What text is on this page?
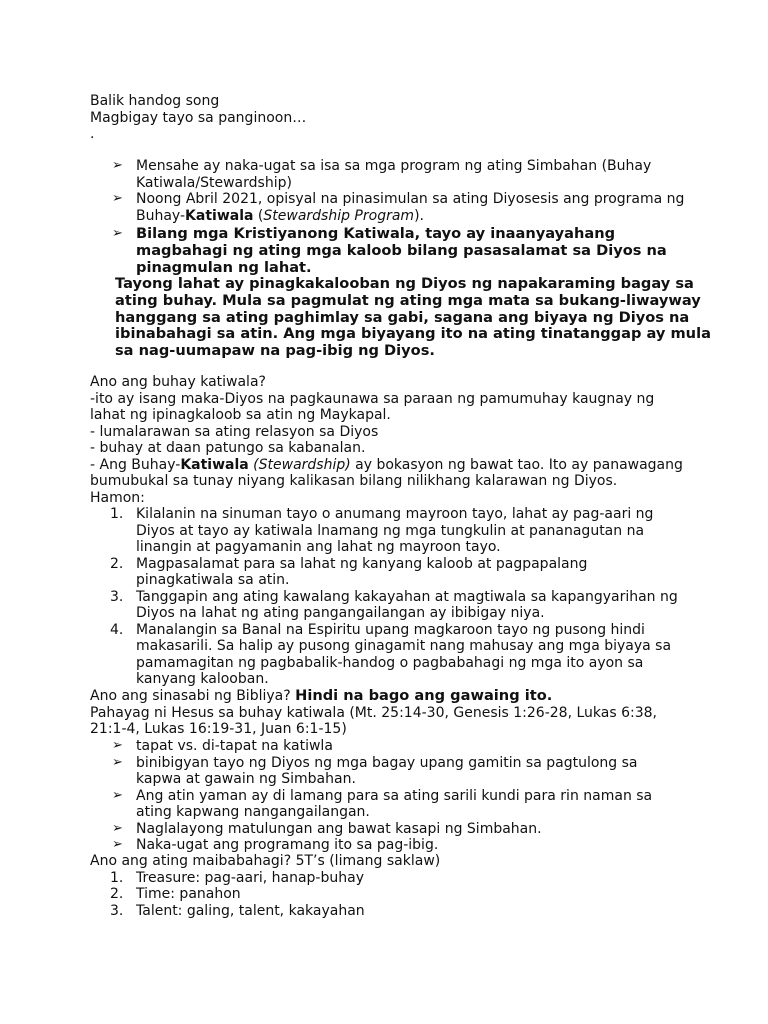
Balik handog song
Magbigay tayo sa panginoon…
.
➢ Mensahe ay naka-ugat sa isa sa mga program ng ating Simbahan (Buhay
Katiwala/Stewardship)
➢ Noong Abril 2021, opisyal na pinasimulan sa ating Diyosesis ang programa ng
Buhay-Katiwala (Stewardship Program).
➢ Bilang mga Kristiyanong Katiwala, tayo ay inaanyayahang
magbahagi ng ating mga kaloob bilang pasasalamat sa Diyos na
pinagmulan ng lahat.
Tayong lahat ay pinagkakalooban ng Diyos ng napakaraming bagay sa
ating buhay. Mula sa pagmulat ng ating mga mata sa bukang-liwayway
hanggang sa ating paghimlay sa gabi, sagana ang biyaya ng Diyos na
ibinabahagi sa atin. Ang mga biyayang ito na ating tinatanggap ay mula
sa nag-uumapaw na pag-ibig ng Diyos.
Ano ang buhay katiwala?
-ito ay isang maka-Diyos na pagkaunawa sa paraan ng pamumuhay kaugnay ng
lahat ng ipinagkaloob sa atin ng Maykapal.
- lumalarawan sa ating relasyon sa Diyos
- buhay at daan patungo sa kabanalan.
- Ang Buhay-Katiwala (Stewardship) ay bokasyon ng bawat tao. Ito ay panawagang
bumubukal sa tunay niyang kalikasan bilang nilikhang kalarawan ng Diyos.
Hamon:
1. Kilalanin na sinuman tayo o anumang mayroon tayo, lahat ay pag-aari ng
Diyos at tayo ay katiwala lnamang ng mga tungkulin at pananagutan na
linangin at pagyamanin ang lahat ng mayroon tayo.
2. Magpasalamat para sa lahat ng kanyang kaloob at pagpapalang
pinagkatiwala sa atin.
3. Tanggapin ang ating kawalang kakayahan at magtiwala sa kapangyarihan ng
Diyos na lahat ng ating pangangailangan ay ibibigay niya.
4. Manalangin sa Banal na Espiritu upang magkaroon tayo ng pusong hindi
makasarili. Sa halip ay pusong ginagamit nang mahusay ang mga biyaya sa
pamamagitan ng pagbabalik-handog o pagbabahagi ng mga ito ayon sa
kanyang kalooban.
Ano ang sinasabi ng Bibliya? Hindi na bago ang gawaing ito.
Pahayag ni Hesus sa buhay katiwala (Mt. 25:14-30, Genesis 1:26-28, Lukas 6:38,
21:1-4, Lukas 16:19-31, Juan 6:1-15)
➢ tapat vs. di-tapat na katiwla
➢ binibigyan tayo ng Diyos ng mga bagay upang gamitin sa pagtulong sa
kapwa at gawain ng Simbahan.
➢ Ang atin yaman ay di lamang para sa ating sarili kundi para rin naman sa
ating kapwang nangangailangan.
➢ Naglalayong matulungan ang bawat kasapi ng Simbahan.
➢ Naka-ugat ang programang ito sa pag-ibig.
Ano ang ating maibabahagi? 5T’s (limang saklaw)
1. Treasure: pag-aari, hanap-buhay
2. Time: panahon
3. Talent: galing, talent, kakayahan
